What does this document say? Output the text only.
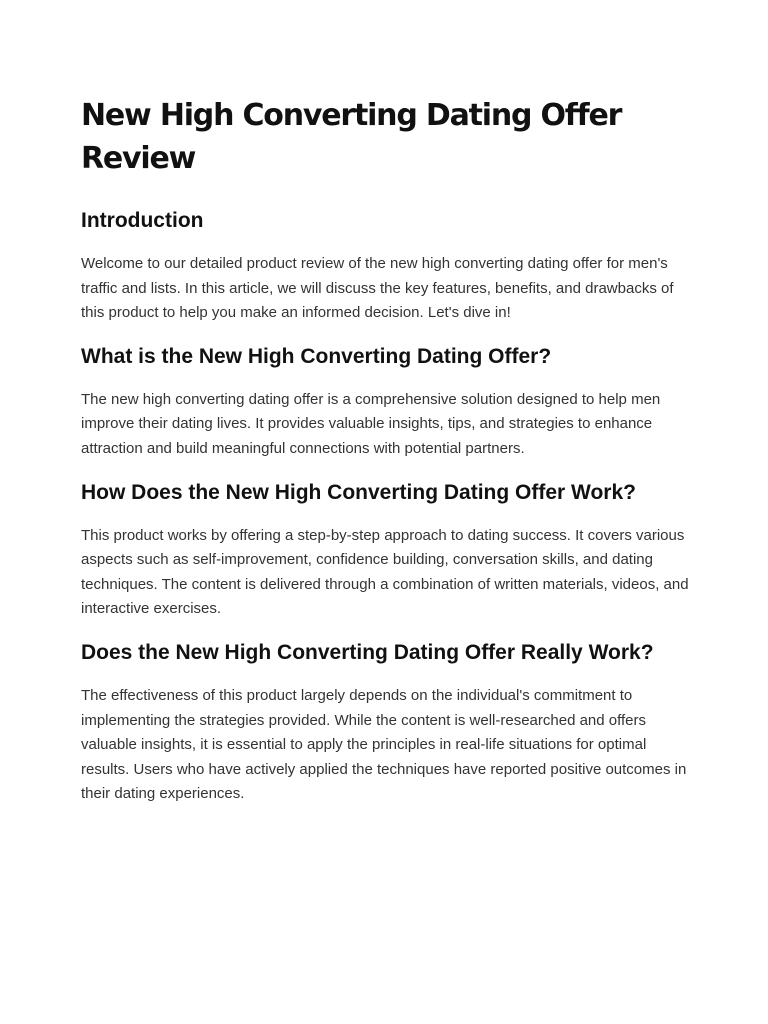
New High Converting Dating Offer Review
Introduction

Welcome to our detailed product review of the new high converting dating offer for men's traffic and lists. In this article, we will discuss the key features, benefits, and drawbacks of this product to help you make an informed decision. Let's dive in!

What is the New High Converting Dating Offer?

The new high converting dating offer is a comprehensive solution designed to help men improve their dating lives. It provides valuable insights, tips, and strategies to enhance attraction and build meaningful connections with potential partners.

How Does the New High Converting Dating Offer Work?

This product works by offering a step-by-step approach to dating success. It covers various aspects such as self-improvement, confidence building, conversation skills, and dating techniques. The content is delivered through a combination of written materials, videos, and interactive exercises.

Does the New High Converting Dating Offer Really Work?

The effectiveness of this product largely depends on the individual's commitment to implementing the strategies provided. While the content is well-researched and offers valuable insights, it is essential to apply the principles in real-life situations for optimal results. Users who have actively applied the techniques have reported positive outcomes in their dating experiences.
